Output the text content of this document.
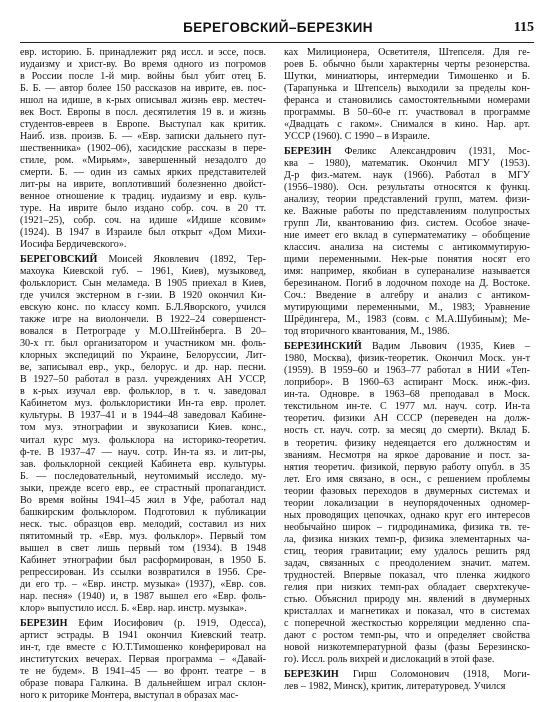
БЕРЕГОВСКИЙ–БЕРЕЗКИН	115

евр. историю. Б. принадлежит ряд иссл. и эссе, посв.

иудаизму и христ-ву. Во время одного из погромов

в России после 1-й мир. войны был убит отец Б.

Б. Б. — автор более 150 рассказов на иврите, ев. пос-

ншол на идише, в к-рых описывал жизнь евр. местеч-

век Вост. Европы в посл. десятилетия 19 в. и жизнь

студентов-евреев в Европе. Выступал как критик.

Наиб. изв. произв. Б. — «Евр. записки дальнего пут-

шественника» (1902–06), хасидские рассказы в пере-

стиле, ром. «Мирьям», завершенный незадолго до

смерти. Б. — один из самых ярких представителей

лит-ры на иврите, воплотивший болезненно двойст-

венное отношение к традиц. иудаизму и евр. куль-

туре. На иврите было издано собр. соч. в 20 тт.

(1921–25), собр. соч. на идише «Идише ксовим»

(1924). В 1947 в Израиле был открыт «Дом Михи-

Иосифа Бердичевского».

БЕРЕГОВСКИЙ Моисей Яковлевич (1892, Тер-

махоука Киевской губ. – 1961, Киев), музыковед,

фольклорист. Сын меламеда. В 1905 приехал в Киев,

где учился экстерном в г-зии. В 1920 окончил Ки-

евскую конс. по классу комп. Б.Л.Яворского, учился

также игре на виолончели. В 1922–24 совершенст-

вовался в Петрограде у М.О.Штейнберга. В 20–

30-х гг. был организатором и участником мн. фоль-

клорных экспедиций по Украине, Белоруссии, Лит-

ве, записывал евр., укр., белорус. и др. нар. песни.

В 1927–50 работал в разл. учреждениях АН УССР,

в к-рых изучал евр. фольклор, в т. ч. заведовал

Кабинетом муз. фольклористики Ин-та евр. пролет.

культуры. В 1937–41 и в 1944–48 заведовал Кабине-

том муз. этнографии и звукозаписи Киев. конс.,

читал курс муз. фольклора на историко-теоретич.

ф-те. В 1937–47 — науч. сотр. Ин-та яз. и лит-ры,

зав. фольклорной секцией Кабинета евр. культуры.

Б. — последовательный, неутомимый исследо. му-

зыки, прежде всего евр., ее страстный пропагандист.

Во время войны 1941–45 жил в Уфе, работал над

башкирским фольклором. Подготовил к публикации

неск. тыс. образцов евр. мелодий, составил из них

пятитомный тр. «Евр. муз. фольклор». Первый том

вышел в свет лишь первый том (1934). В 1948

Кабинет этнографии был расформирован, в 1950 Б.

репрессирован. Из ссылки возвратился в 1956. Сре-

ди его тр. – «Евр. инстр. музыка» (1937), «Евр. сов.

нар. песня» (1940) и, в 1987 вышел его «Евр. фоль-

клор» выпустило иссл. Б. «Евр. нар. инстр. музыка».

БЕРЕЗИН Ефим Иосифович (р. 1919, Одесса),

артист эстрады. В 1941 окончил Киевский театр.

ин-т, где вместе с Ю.Т.Тимошенко конферировал на

институтских вечерах. Первая программа – «Давай-

те не будем». В 1941–45 — во фронт. театре – в

образе повара Галкина. В дальнейшем играл склон-

ного к риторике Монтера, выступал в образах мас-

ках Милиционера, Осветителя, Штепселя. Для ге-

роев Б. обычно были характерны черты резонерства.

Шутки, миниатюры, интермедии Тимошенко и Б.

(Тарапунька и Штепсель) выходили за пределы кон-

феранса и становились самостоятельными номерами

программы. В 50–60-е гг. участвовал в программе

«Двадцать с гаком». Снимался в кино. Нар. арт.

УССР (1960). С 1990 – в Израиле.

БЕРЕЗИН Феликс Александрович (1931, Мос-

ква – 1980), математик. Окончил МГУ (1953).

Д-р физ.-матем. наук (1966). Работал в МГУ

(1956–1980). Осн. результаты относятся к функц.

анализу, теории представлений групп, матем. физи-

ке. Важные работы по представлениям полупростых

групп Ли, квантованию физ. систем. Особое значе-

ние имеет его вклад в суперматематику – обобщение

классич. анализа на системы с антикоммутирую-

щими переменными. Нек-рые понятия носят его

имя: например, якобиан в суперанализе называется

березинаном. Погиб в лодочном походе на Д. Востоке.

Соч.: Введение в алгебру и анализ с антиком-

мутирующими переменными, М., 1983; Уравнение

Шрёдингера, М., 1983 (совм. с М.А.Шубиным); Ме-

тод вторичного квантования, М., 1986.

БЕРЕЗИНСКИЙ Вадим Львович (1935, Киев –

1980, Москва), физик-теоретик. Окончил Моск. ун-т

(1959). В 1959–60 и 1963–77 работал в НИИ «Теп-

лоприбор». В 1960–63 аспирант Моск. инж.-физ.

ин-та. Одновре. в 1963–68 преподавал в Моск.

текстильном ин-те. С 1977 мл. науч. сотр. Ин-та

теоретич. физики АН СССР (переведен на долж-

ность ст. науч. сотр. за месяц до смерти). Вклад Б.

в теоретич. физику недеяцается его должностям и

званиям. Несмотря на яркое дарование и пост. за-

нятия теоретич. физикой, первую работу опубл. в 35

лет. Его имя связано, в осн., с решением проблемы

теории фазовых переходов в двумерных системах и

теории локализации в неупорядоченных одномер-

ных проводящих цепочках, однако круг его интересов

необычайно широк – гидродинамика, физика тв. те-

ла, физика низких темп-р, физика элементарных ча-

стиц, теория гравитации; ему удалось решить ряд

задач, связанных с преодолением значит. матем.

трудностей. Впервые показал, что пленка жидкого

гелия при низких темп-рах обладает сверхтекуче-

стью. Объяснил природу мн. явлений в двумерных

кристаллах и магнетиках и показал, что в системах

с поперечной жесткостью корреляции медленно спа-

дают с ростом темп-ры, что и определяет свойства

новой низкотемпературной фазы (фазы Березинско-

го). Иссл. роль вихрей и дислокаций в этой фазе.

БЕРЕЗКИН Гирш Соломонович (1918, Моги-

лев – 1982, Минск), критик, литературовед. Учился
